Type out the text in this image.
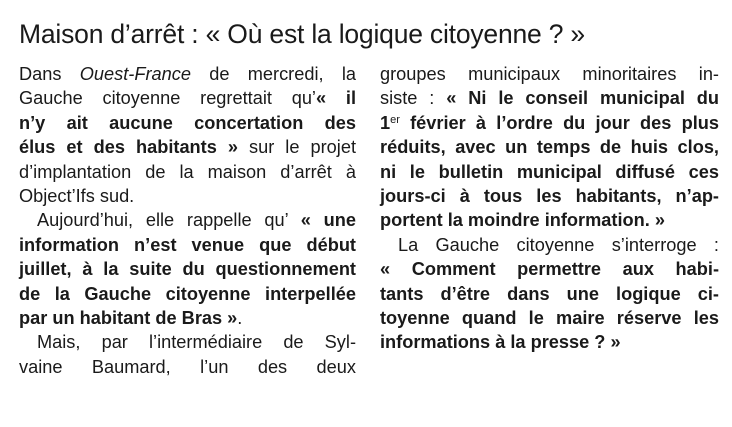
Maison d’arrêt : « Où est la logique citoyenne ? »
Dans Ouest-France de mercredi, la
Gauche citoyenne regrettait qu’« il
n’y ait aucune concertation des
élus et des habitants » sur le projet
d’implantation de la maison d’arrêt à
Object’Ifs sud.
Aujourd’hui, elle rappelle qu’ « une
information n’est venue que début
juillet, à la suite du questionnement
de la Gauche citoyenne interpellée
par un habitant de Bras ».
Mais, par l’intermédiaire de Syl-
vaine Baumard, l’un des deux
groupes municipaux minoritaires in-
siste : « Ni le conseil municipal du
1er février à l’ordre du jour des plus
réduits, avec un temps de huis clos,
ni le bulletin municipal diffusé ces
jours-ci à tous les habitants, n’ap-
portent la moindre information. »
La Gauche citoyenne s’interroge :
« Comment permettre aux habi-
tants d’être dans une logique ci-
toyenne quand le maire réserve les
informations à la presse ? »
